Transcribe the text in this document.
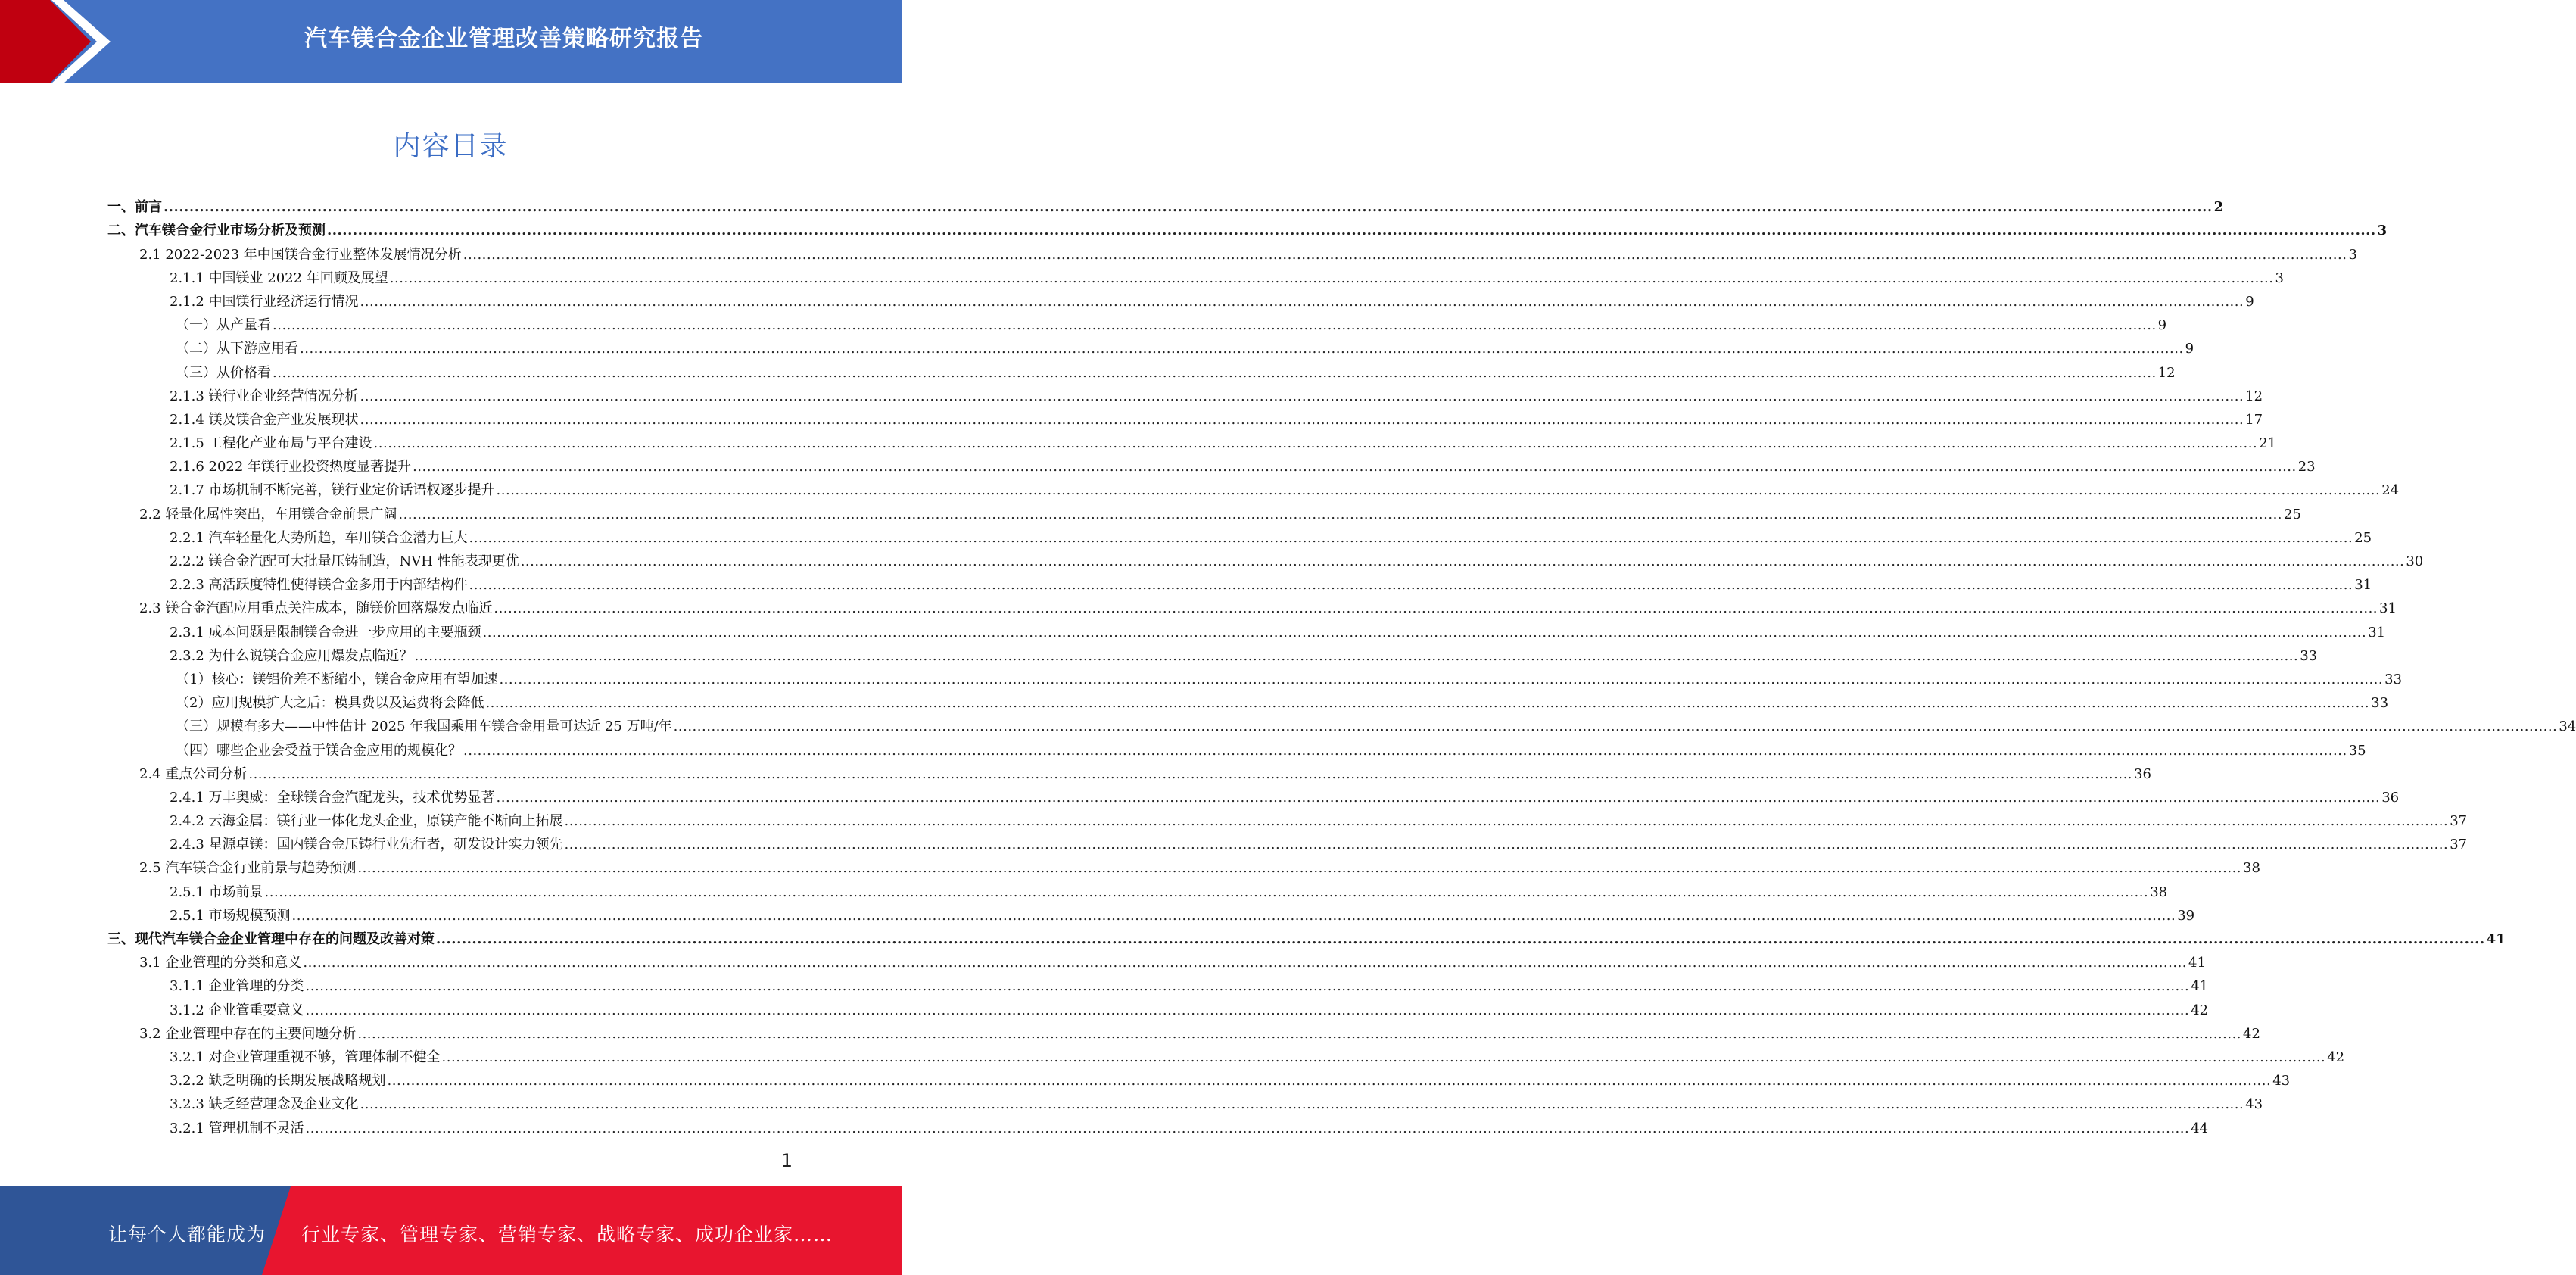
汽车镁合金企业管理改善策略研究报告
内容目录
一、前言 ................................................................................................................................................................................................................................................................................................................................................................................................................ 2
二、汽车镁合金行业市场分析及预测 ................................................................................................................................................................................................................................................................................................................................................................................................................ 3
2.1 2022-2023 年中国镁合金行业整体发展情况分析 ................................................................................................................................................................................................................................................................................................................................................................................................................ 3
2.1.1 中国镁业 2022 年回顾及展望 ................................................................................................................................................................................................................................................................................................................................................................................................................ 3
2.1.2 中国镁行业经济运行情况 ................................................................................................................................................................................................................................................................................................................................................................................................................ 9
（一）从产量看 ................................................................................................................................................................................................................................................................................................................................................................................................................ 9
（二）从下游应用看 ................................................................................................................................................................................................................................................................................................................................................................................................................ 9
（三）从价格看 ................................................................................................................................................................................................................................................................................................................................................................................................................ 12
2.1.3 镁行业企业经营情况分析 ................................................................................................................................................................................................................................................................................................................................................................................................................ 12
2.1.4 镁及镁合金产业发展现状 ................................................................................................................................................................................................................................................................................................................................................................................................................ 17
2.1.5 工程化产业布局与平台建设 ................................................................................................................................................................................................................................................................................................................................................................................................................ 21
2.1.6 2022 年镁行业投资热度显著提升 ................................................................................................................................................................................................................................................................................................................................................................................................................ 23
2.1.7 市场机制不断完善，镁行业定价话语权逐步提升 ................................................................................................................................................................................................................................................................................................................................................................................................................ 24
2.2 轻量化属性突出，车用镁合金前景广阔 ................................................................................................................................................................................................................................................................................................................................................................................................................ 25
2.2.1 汽车轻量化大势所趋，车用镁合金潜力巨大 ................................................................................................................................................................................................................................................................................................................................................................................................................ 25
2.2.2 镁合金汽配可大批量压铸制造，NVH 性能表现更优 ................................................................................................................................................................................................................................................................................................................................................................................................................ 30
2.2.3 高活跃度特性使得镁合金多用于内部结构件 ................................................................................................................................................................................................................................................................................................................................................................................................................ 31
2.3 镁合金汽配应用重点关注成本，随镁价回落爆发点临近 ................................................................................................................................................................................................................................................................................................................................................................................................................ 31
2.3.1 成本问题是限制镁合金进一步应用的主要瓶颈 ................................................................................................................................................................................................................................................................................................................................................................................................................ 31
2.3.2 为什么说镁合金应用爆发点临近？ ................................................................................................................................................................................................................................................................................................................................................................................................................ 33
（1）核心：镁铝价差不断缩小，镁合金应用有望加速 ................................................................................................................................................................................................................................................................................................................................................................................................................ 33
（2）应用规模扩大之后：模具费以及运费将会降低 ................................................................................................................................................................................................................................................................................................................................................................................................................ 33
（三）规模有多大——中性估计 2025 年我国乘用车镁合金用量可达近 25 万吨/年 ................................................................................................................................................................................................................................................................................................................................................................................................................ 34
（四）哪些企业会受益于镁合金应用的规模化？ ................................................................................................................................................................................................................................................................................................................................................................................................................ 35
2.4 重点公司分析 ................................................................................................................................................................................................................................................................................................................................................................................................................ 36
2.4.1 万丰奥威：全球镁合金汽配龙头，技术优势显著 ................................................................................................................................................................................................................................................................................................................................................................................................................ 36
2.4.2 云海金属：镁行业一体化龙头企业，原镁产能不断向上拓展 ................................................................................................................................................................................................................................................................................................................................................................................................................ 37
2.4.3 星源卓镁：国内镁合金压铸行业先行者，研发设计实力领先 ................................................................................................................................................................................................................................................................................................................................................................................................................ 37
2.5 汽车镁合金行业前景与趋势预测 ................................................................................................................................................................................................................................................................................................................................................................................................................ 38
2.5.1 市场前景 ................................................................................................................................................................................................................................................................................................................................................................................................................ 38
2.5.1 市场规模预测 ................................................................................................................................................................................................................................................................................................................................................................................................................ 39
三、现代汽车镁合金企业管理中存在的问题及改善对策 ................................................................................................................................................................................................................................................................................................................................................................................................................ 41
3.1 企业管理的分类和意义 ................................................................................................................................................................................................................................................................................................................................................................................................................ 41
3.1.1 企业管理的分类 ................................................................................................................................................................................................................................................................................................................................................................................................................ 41
3.1.2 企业管重要意义 ................................................................................................................................................................................................................................................................................................................................................................................................................ 42
3.2 企业管理中存在的主要问题分析 ................................................................................................................................................................................................................................................................................................................................................................................................................ 42
3.2.1 对企业管理重视不够，管理体制不健全 ................................................................................................................................................................................................................................................................................................................................................................................................................ 42
3.2.2 缺乏明确的长期发展战略规划 ................................................................................................................................................................................................................................................................................................................................................................................................................ 43
3.2.3 缺乏经营理念及企业文化 ................................................................................................................................................................................................................................................................................................................................................................................................................ 43
3.2.1 管理机制不灵活 ................................................................................................................................................................................................................................................................................................................................................................................................................ 44
1
让每个人都能成为 行业专家、管理专家、营销专家、战略专家、成功企业家……
